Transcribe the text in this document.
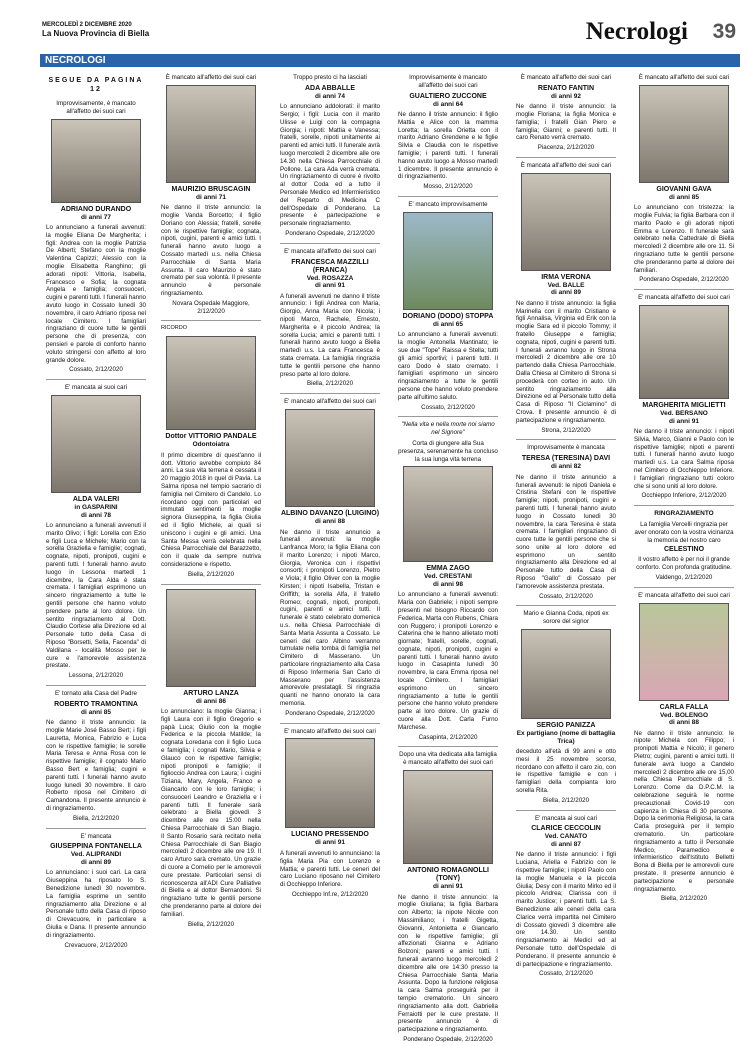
MERCOLEDÌ 2 DICEMBRE 2020
La Nuova Provincia di Biella	Necrologi 39
NECROLOGI
SEGUE DA PAGINA 12
Improvvisamente, è mancato all'affetto dei suoi cari
ADRIANO DURANDO
di anni 77
Lo annunciano a funerali avvenuti: la moglie Eliana De Margherita; i figli: Andrea con la moglie Patrizia De Alberti; Stefano con la moglie Valentina Capizzi; Alessio con la moglie Elisabetta Ranghino; gli adorati nipoti: Vittoria, Isabella, Francesco e Sofia; la cognata Angela e famiglia; consuoceri, cugini e parenti tutti. I funerali hanno avuto luogo in Cossato lunedì 30 novembre, il caro Adriano riposa nel locale Cimitero. I famigliari ringraziano di cuore tutte le gentili persone che di presenza, con pensieri e parole di conforto hanno voluto stringersi con affetto al loro grande dolore.
Cossato, 2/12/2020
E' mancata ai suoi cari
ALDA VALERI
in GASPARINI
di anni 78
Lo annunciano a funerali avvenuti il marito Olivo; i figli: Lorella con Ezio e figli Luca e Michele; Mario con la sorella Graziella e famiglie; cognati, cognate, nipoti, pronipoti, cugini e parenti tutti. I funerali hanno avuto luogo in Lessona martedì 1 dicembre, la Cara Alda è stata cremata. I famigliari esprimono un sincero ringraziamento a tutte le gentili persone che hanno voluto prendere parte al loro dolore. Un sentito ringraziamento al Dott. Claudio Cortese alla Direzione ed al Personale tutto della Casa di Riposo "Borsetti, Sella, Facenda" di Valdilana - località Mosso per le cure e l'amorevole assistenza prestate.
Lessona, 2/12/2020
E' tornato alla Casa del Padre
ROBERTO TRAMONTINA
di anni 85
Ne danno il triste annuncio: la moglie Marie José Basso Bert; i figli Lauretta, Monica, Fabrizio e Luca con le rispettive famiglie; le sorelle Maria Teresa e Anna Rosa con le rispettive famiglie; il cognato Mario Basso Bert e famiglia; cugini e parenti tutti. I funerali hanno avuto luogo lunedì 30 novembre. Il caro Roberto riposa nel Cimitero di Camandona. Il presente annuncio è di ringraziamento.
Biella, 2/12/2020
E' mancata
GIUSEPPINA FONTANELLA
Ved. ALIPRANDI
di anni 89
Lo annunciano: i suoi cari. La cara Giuseppina ha riposato lo S. Benedizione lunedì 30 novembre. La famiglia esprime un sentito ringraziamento alla Direzione e al Personale tutto della Casa di riposo di Crevacuore, in particolare a Giulia e Dana. Il presente annuncio di ringraziamento.
Crevacuore, 2/12/2020
È mancato all'affetto dei suoi cari
MAURIZIO BRUSCAGIN
di anni 71
Ne danno il triste annuncio: la moglie Vanda Borcetto; il figlio Doriano con Alessia; fratelli, sorelle con le rispettive famiglie; cognata, nipoti, cugini, parenti e amici tutti. I funerali hanno avuto luogo a Cossato martedì u.s. nella Chiesa Parrocchiale di Santa Maria Assunta. Il caro Maurizio è stato cremato per sua volontà. Il presente annuncio è personale ringraziamento.
Novara Ospedale Maggiore, 2/12/2020
RICORDO
Dottor VITTORIO PANDALE
Odontoiatra
Il primo dicembre di quest'anno il dott. Vittorio avrebbe compiuto 84 anni. La sua vita terrena è cessata il 20 maggio 2018 in quel di Pavia. La Salma riposa nel tempio sacrario di famiglia nel Cimitero di Candelo. Lo ricordano oggi con particolari ed immutati sentimenti la moglie signora Giuseppina, la figlia Giulia ed il figlio Michele, ai quali si uniscono i cugini e gli amici. Una Santa Messa verrà celebrata nella Chiesa Parrocchiale del Barazzetto, con il quale da sempre nutriva considerazione e rispetto.
Biella, 2/12/2020
ARTURO LANZA
di anni 86
Lo annunciano: la moglie Gianna; i figli Laura con il figlio Gregorio e papà Luca; Giulio con la moglie Federica e la piccola Matilde; la cognata Loredana con il figlio Luca e famiglia; i cognati Mario, Silvia e Glauco con le rispettive famiglie; nipoti pronipoti e famiglie; il figlioccio Andrea con Laura; i cugini Tiziana, Mary, Angela, Franco e Giancarlo con le loro famiglie; i consuoceri Leandro e Graziella e i parenti tutti. Il funerale sarà celebrato a Biella giovedì 3 dicembre alle ore 15:00 nella Chiesa Parrocchiale di San Biagio. Il Santo Rosario sarà recitato nella Chiesa Parrocchiale di San Biagio mercoledì 2 dicembre alle ore 19. Il caro Arturo sarà cremato. Un grazie di cuore a Cornelio per le amorevoli cure prestate. Particolari sensi di riconoscenza all'ADI Cure Palliative di Biella e al dottor Bernardoni. Si ringraziano tutte le gentili persone che prenderanno parte al dolore dei familiari.
Biella, 2/12/2020
Troppo presto ci ha lasciati
ADA ABBALLE
di anni 74
Lo annunciano addolorati: il marito Sergio; i figli: Lucia con il marito Ulisse e Luigi con la compagna Giorgia; i nipoti: Mattia e Vanessa; fratelli, sorelle, nipoti unitamente ai parenti ed amici tutti. Il funerale avrà luogo mercoledì 2 dicembre alle ore 14.30 nella Chiesa Parrocchiale di Pollone. La cara Ada verrà cremata. Un ringraziamento di cuore è rivolto al dottor Coda ed a tutto il Personale Medico ed Infermieristico del Reparto di Medicina C dell'Ospedale di Ponderano. La presente è partecipazione e personale ringraziamento.
Ponderano Ospedale, 2/12/2020
E' mancata all'affetto dei suoi cari
FRANCESCA MAZZILLI (FRANCA)
Ved. ROSAZZA
di anni 91
A funerali avvenuti ne danno il triste annuncio: i figli Andrea con Maria, Giorgio, Anna Maria con Nicola; i nipoti Marco, Rachele, Ernesto, Margherita e il piccolo Andrea; la sorella Lucia; amici e parenti tutti. I funerali hanno avuto luogo a Biella martedì u.s. La cara Francesca è stata cremata. La famiglia ringrazia tutte le gentili persone che hanno preso parte al loro dolore.
Biella, 2/12/2020
E' mancato all'affetto dei suoi cari
ALBINO DAVANZO (LUIGINO)
di anni 88
Ne danno il triste annuncio a funerali avvenuti: la moglie Lanfranca Moro; la figlia Eliana con il marito Lorenzo; i nipoti Marco, Giorgia, Veronica con i rispettivi consorti; i pronipoti Lorenzo, Pietro e Viola; il figlio Oliver con la moglie Kirsten; i nipoti Isabella, Tristan e Griffith; la sorella Alfa, il fratello Romeo; cognati, nipoti, pronipoti, cugini, parenti e amici tutti. Il funerale è stato celebrato domenica u.s. nella Chiesa Parrocchiale di Santa Maria Assunta a Cossato. Le ceneri del caro Albino verranno tumulate nella tomba di famiglia nel Cimitero di Masserano. Un particolare ringraziamento alla Casa di Riposo Infermeria San Carlo di Masserano per l'assistenza amorevole prestatagli. Si ringrazia quanti ne hanno onorato la cara memoria.
Ponderano Ospedale, 2/12/2020
E' mancato all'affetto dei suoi cari
LUCIANO PRESSENDO
di anni 91
A funerali avvenuti lo annunciano: la figlia Maria Pia con Lorenzo e Mattia; e parenti tutti. Le ceneri del caro Luciano riposano nel Cimitero di Occhieppo Inferiore.
Occhieppo Inf.re, 2/12/2020
Improvvisamente è mancato all'affetto dei suoi cari
GUALTIERO ZUCCONE
di anni 64
Ne danno il triste annuncio: il figlio Mattia e Alice con la mamma Loretta; la sorella Orietta con il marito Adriano Grendene e le figlie Silvia e Claudia con le rispettive famiglie; i parenti tutti. I funerali hanno avuto luogo a Mosso martedì 1 dicembre. Il presente annuncio è di ringraziamento.
Mosso, 2/12/2020
E' mancato improvvisamente
DORIANO (DODO) STOPPA
di anni 65
Lo annunciano a funerali avvenuti: la moglie Antonella Mantinato; le sue due "Tope" Raissa e Stella; tutti gli amici sportivi; i parenti tutti. Il caro Dodo è stato cremato. I famigliari esprimono un sincero ringraziamento a tutte le gentili persone che hanno voluto prendere parte all'ultimo saluto.
Cossato, 2/12/2020
"Nella vita e nella morte noi siamo nel Signore"
Corta di giungere alla Sua presenza, serenamente ha concluso la sua lunga vita terrena
EMMA ZAGO
Ved. CRESTANI
di anni 98
Lo annunciano a funerali avvenuti: Maria con Gabriele; i nipoti sempre presenti nel bisogno Riccardo con Federica, Marta con Rubens, Chiara con Ruggero; i pronipoti Lorenzo e Caterina che le hanno allietato molti giornate; fratelli, sorelle, cognati, cognate, nipoti, pronipoti, cugini e parenti tutti. I funerali hanno avuto luogo in Casapinta lunedì 30 novembre, la cara Emma riposa nel locale Cimitero. I famigliari esprimono un sincero ringraziamento a tutte le gentili persone che hanno voluto prendere parte al loro dolore. Un grazie di cuore alla Dott. Carla Furno Marchese.
Casapinta, 2/12/2020
Dopo una vita dedicata alla famiglia è mancato all'affetto dei suoi cari
ANTONIO ROMAGNOLLI (TONY)
di anni 91
Ne danno il triste annuncio: la moglie Giuliana; la figlia Barbara con Alberto; la nipote Nicole con Massimiliano; i fratelli Gigetta, Giovanni, Antonietta e Giancarlo con le rispettive famiglie; gli affezionati Gianna e Adriano Bolzoni; parenti e amici tutti. I funerali avranno luogo mercoledì 2 dicembre alle ore 14:30 presso la Chiesa Parrocchiale Santa Maria Assunta. Dopo la funzione religiosa la cara Salma proseguirà per il tempio crematorio. Un sincero ringraziamento alla dott. Gabriella Ferraiotti per le cure prestate. Il presente annuncio è di partecipazione e ringraziamento.
Ponderano Ospedale, 2/12/2020
È mancato all'affetto dei suoi cari
RENATO FANTIN
di anni 92
Ne danno il triste annuncio: la moglie Floriana; la figlia Monica e famiglia; i fratelli Gian Piero e famiglia; Gianni; e parenti tutti. Il caro Renato verrà cremato.
Piacenza, 2/12/2020
È mancata all'affetto dei suoi cari
IRMA VERONA
Ved. BALLE
di anni 89
Ne danno il triste annuncio: la figlia Marinella con il marito Cristiano e figli Annalisa, Virginia ed Erik con la moglie Sara ed il piccolo Tommy; il fratello Giuseppe e famiglia; cognata, nipoti, cugini e parenti tutti. I funerali avranno luogo in Strona mercoledì 2 dicembre alle ore 10 partendo dalla Chiesa Parrocchiale. Dalla Chiesa al Cimitero di Strona si procederà con corteo in auto. Un sentito ringraziamento alla Direzione ed al Personale tutto della Casa di Riposo "Il Ciclamino" di Crova. Il presente annuncio è di partecipazione e ringraziamento.
Strona, 2/12/2020
Improvvisamente è mancata
TERESA (TERESINA) DAVI
di anni 82
Ne danno il triste annuncio a funerali avvenuti: le nipoti Daniela e Cristina Stefani con le rispettive famiglie; nipoti, pronipoti, cugini e parenti tutti. I funerali hanno avuto luogo in Cossato lunedì 30 novembre, la cara Teresina è stata cremata. I famigliari ringraziano di cuore tutte le gentili persone che si sono unite al loro dolore ed esprimono un sentito ringraziamento alla Direzione ed al Personale tutto della Casa di Riposo "Gallo" di Cossato per l'amorevole assistenza prestata.
Cossato, 2/12/2020
Mario e Gianna Coda, nipoti ex sorore del signor
SERGIO PANIZZA
Ex partigiano (nome di battaglia Trica)
deceduto all'età di 99 anni e otto mesi il 25 novembre scorso, ricordano con affetto il caro zio, con le rispettive famiglie e con i famigliari della compianta loro sorella Rita.
Biella, 2/12/2020
E' mancata ai suoi cari
CLARICE CECCOLIN
Ved. CANATO
di anni 87
Ne danno il triste annuncio: i figli Luciana, Ariella e Fabrizio con le rispettive famiglie; i nipoti Paolo con la moglie Manuela e la piccola Giulia; Desy con il marito Mirko ed il piccolo Andrea; Clarissa con il marito Justice; i parenti tutti. La S. Benedizione alle ceneri della cara Clarice verrà impartita nel Cimitero di Cossato giovedì 3 dicembre alle ore 14.30. Un sentito ringraziamento ai Medici ed al Personale tutto dell'Ospedale di Ponderano. Il presente annuncio è di partecipazione e ringraziamento.
Cossato, 2/12/2020
È mancato all'affetto dei suoi cari
GIOVANNI GAVA
di anni 85
Lo annunciano con tristezza: la moglie Fulvia; la figlia Barbara con il marito Paolo e gli adorati nipoti Emma e Lorenzo. Il funerale sarà celebrato nella Cattedrale di Biella mercoledì 2 dicembre alle ore 11. Si ringraziano tutte le gentili persone che prenderanno parte al dolore dei familiari.
Ponderano Ospedale, 2/12/2020
E' mancata all'affetto dei suoi cari
MARGHERITA MIGLIETTI
Ved. BERSANO
di anni 91
Ne danno il triste annuncio: i nipoti Silvia, Marco, Gianni e Paolo con le rispettive famiglie; nipoti e parenti tutti. I funerali hanno avuto luogo martedì u.s. La cara Salma riposa nel Cimitero di Occhieppo Inferiore. I famigliari ringraziano tutti coloro che si sono uniti al loro dolore.
Occhieppo Inferiore, 2/12/2020
RINGRAZIAMENTO
La famiglia Vercelli ringrazia per aver onorato con la vostra vicinanza la memoria del nostro caro
CELESTINO
Il vostro affetto è per noi il grande conforto. Con profonda gratitudine.
Valdengo, 2/12/2020
E' mancata all'affetto dei suoi cari
CARLA FALLA
Ved. BOLENGO
di anni 88
Ne danno il triste annuncio: le nipote Michela con Filippo; i pronipoti Mattia e Nicolò; il genero Pietro; cugini, parenti e amici tutti. Il funerale avrà luogo a Candelo mercoledì 2 dicembre alle ore 15,00 nella Chiesa Parrocchiale di S. Lorenzo. Come da D.P.C.M. la celebrazione seguirà le norme precauzionali Covid-19 con capienza in Chiesa di 30 persone. Dopo la cerimonia Religiosa, la cara Carla proseguirà per il tempio crematorio. Un particolare ringraziamento a tutto il Personale Medico, Paramedico e Infermieristico dell'Istituto Belletti Bona di Biella per le amorevoli cure prestate. Il presente annuncio è partecipazione e personale ringraziamento.
Biella, 2/12/2020
